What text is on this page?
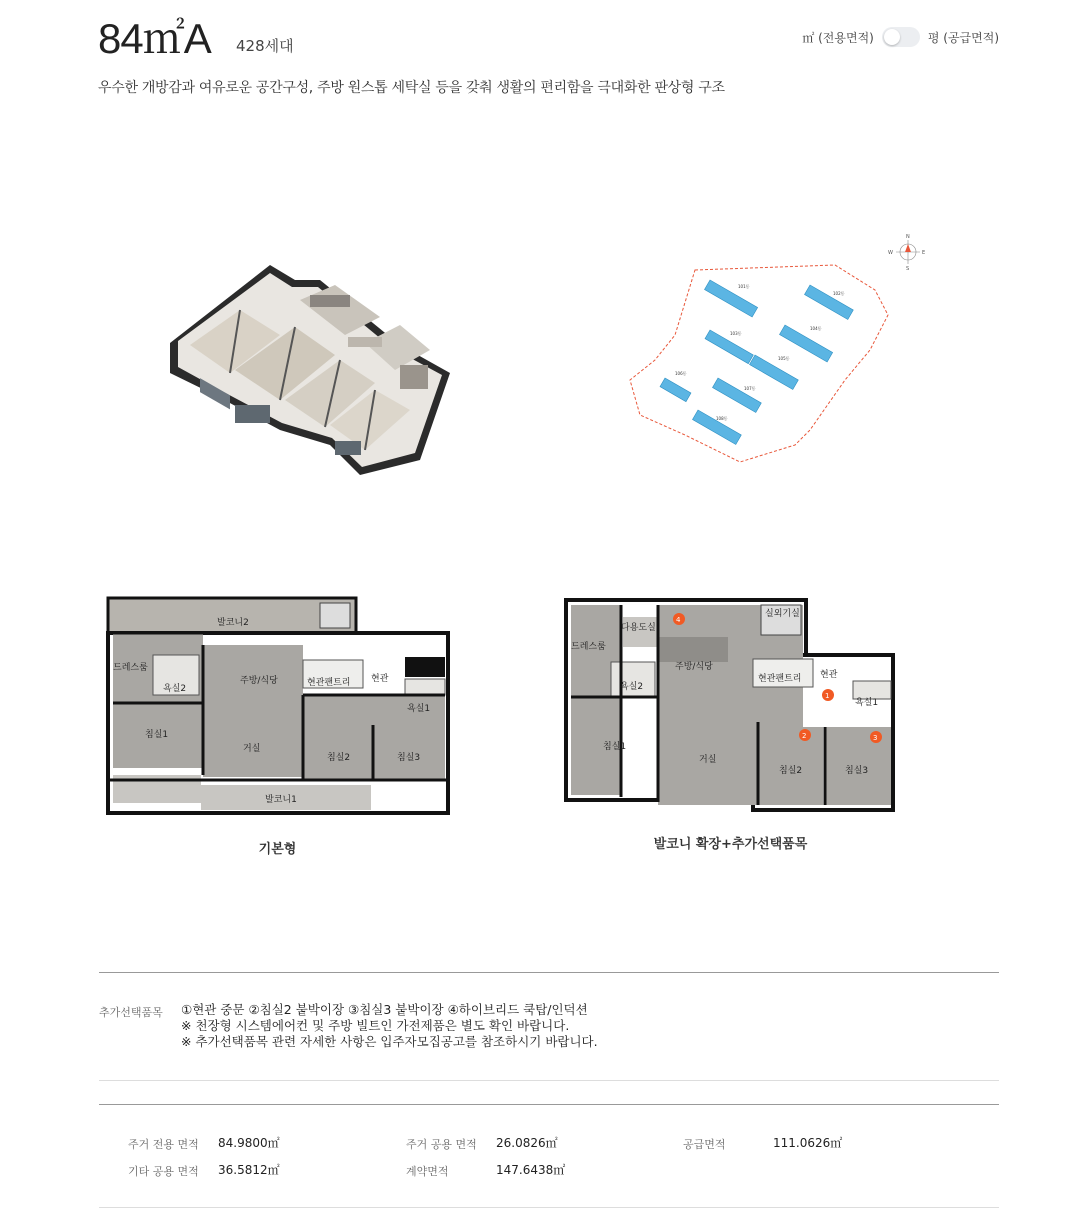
84㎡A 428세대	㎡ (전용면적)	평 (공급면적)
우수한 개방감과 여유로운 공간구성, 주방 원스톱 세탁실 등을 갖춰 생활의 편리함을 극대화한 판상형 구조
N
S
E
W
101동
102동
103동
104동
105동
106동
107동
108동
발코니2
드레스룸
욕실2
주방/식당	현관팬트리 현관
욕실1
침실1
거실
침실2	침실3
발코니1
기본형
다용도실
실외기실
드레스룸
주방/식당
현관팬트리 현관
욕실2
욕실1
침실1
거실
침실2	침실3
1
2	3
4
발코니 확장+추가선택품목
추가선택품목 ①현관 중문 ②침실2 붙박이장 ③침실3 붙박이장 ④하이브리드 쿡탑/인덕션
※ 천장형 시스템에어컨 및 주방 빌트인 가전제품은 별도 확인 바랍니다.
※ 추가선택품목 관련 자세한 사항은 입주자모집공고를 참조하시기 바랍니다.
주거 전용 면적 84.9800㎡	주거 공용 면적 26.0826㎡	공급면적	111.0626㎡
기타 공용 면적 36.5812㎡	계약면적	147.6438㎡
